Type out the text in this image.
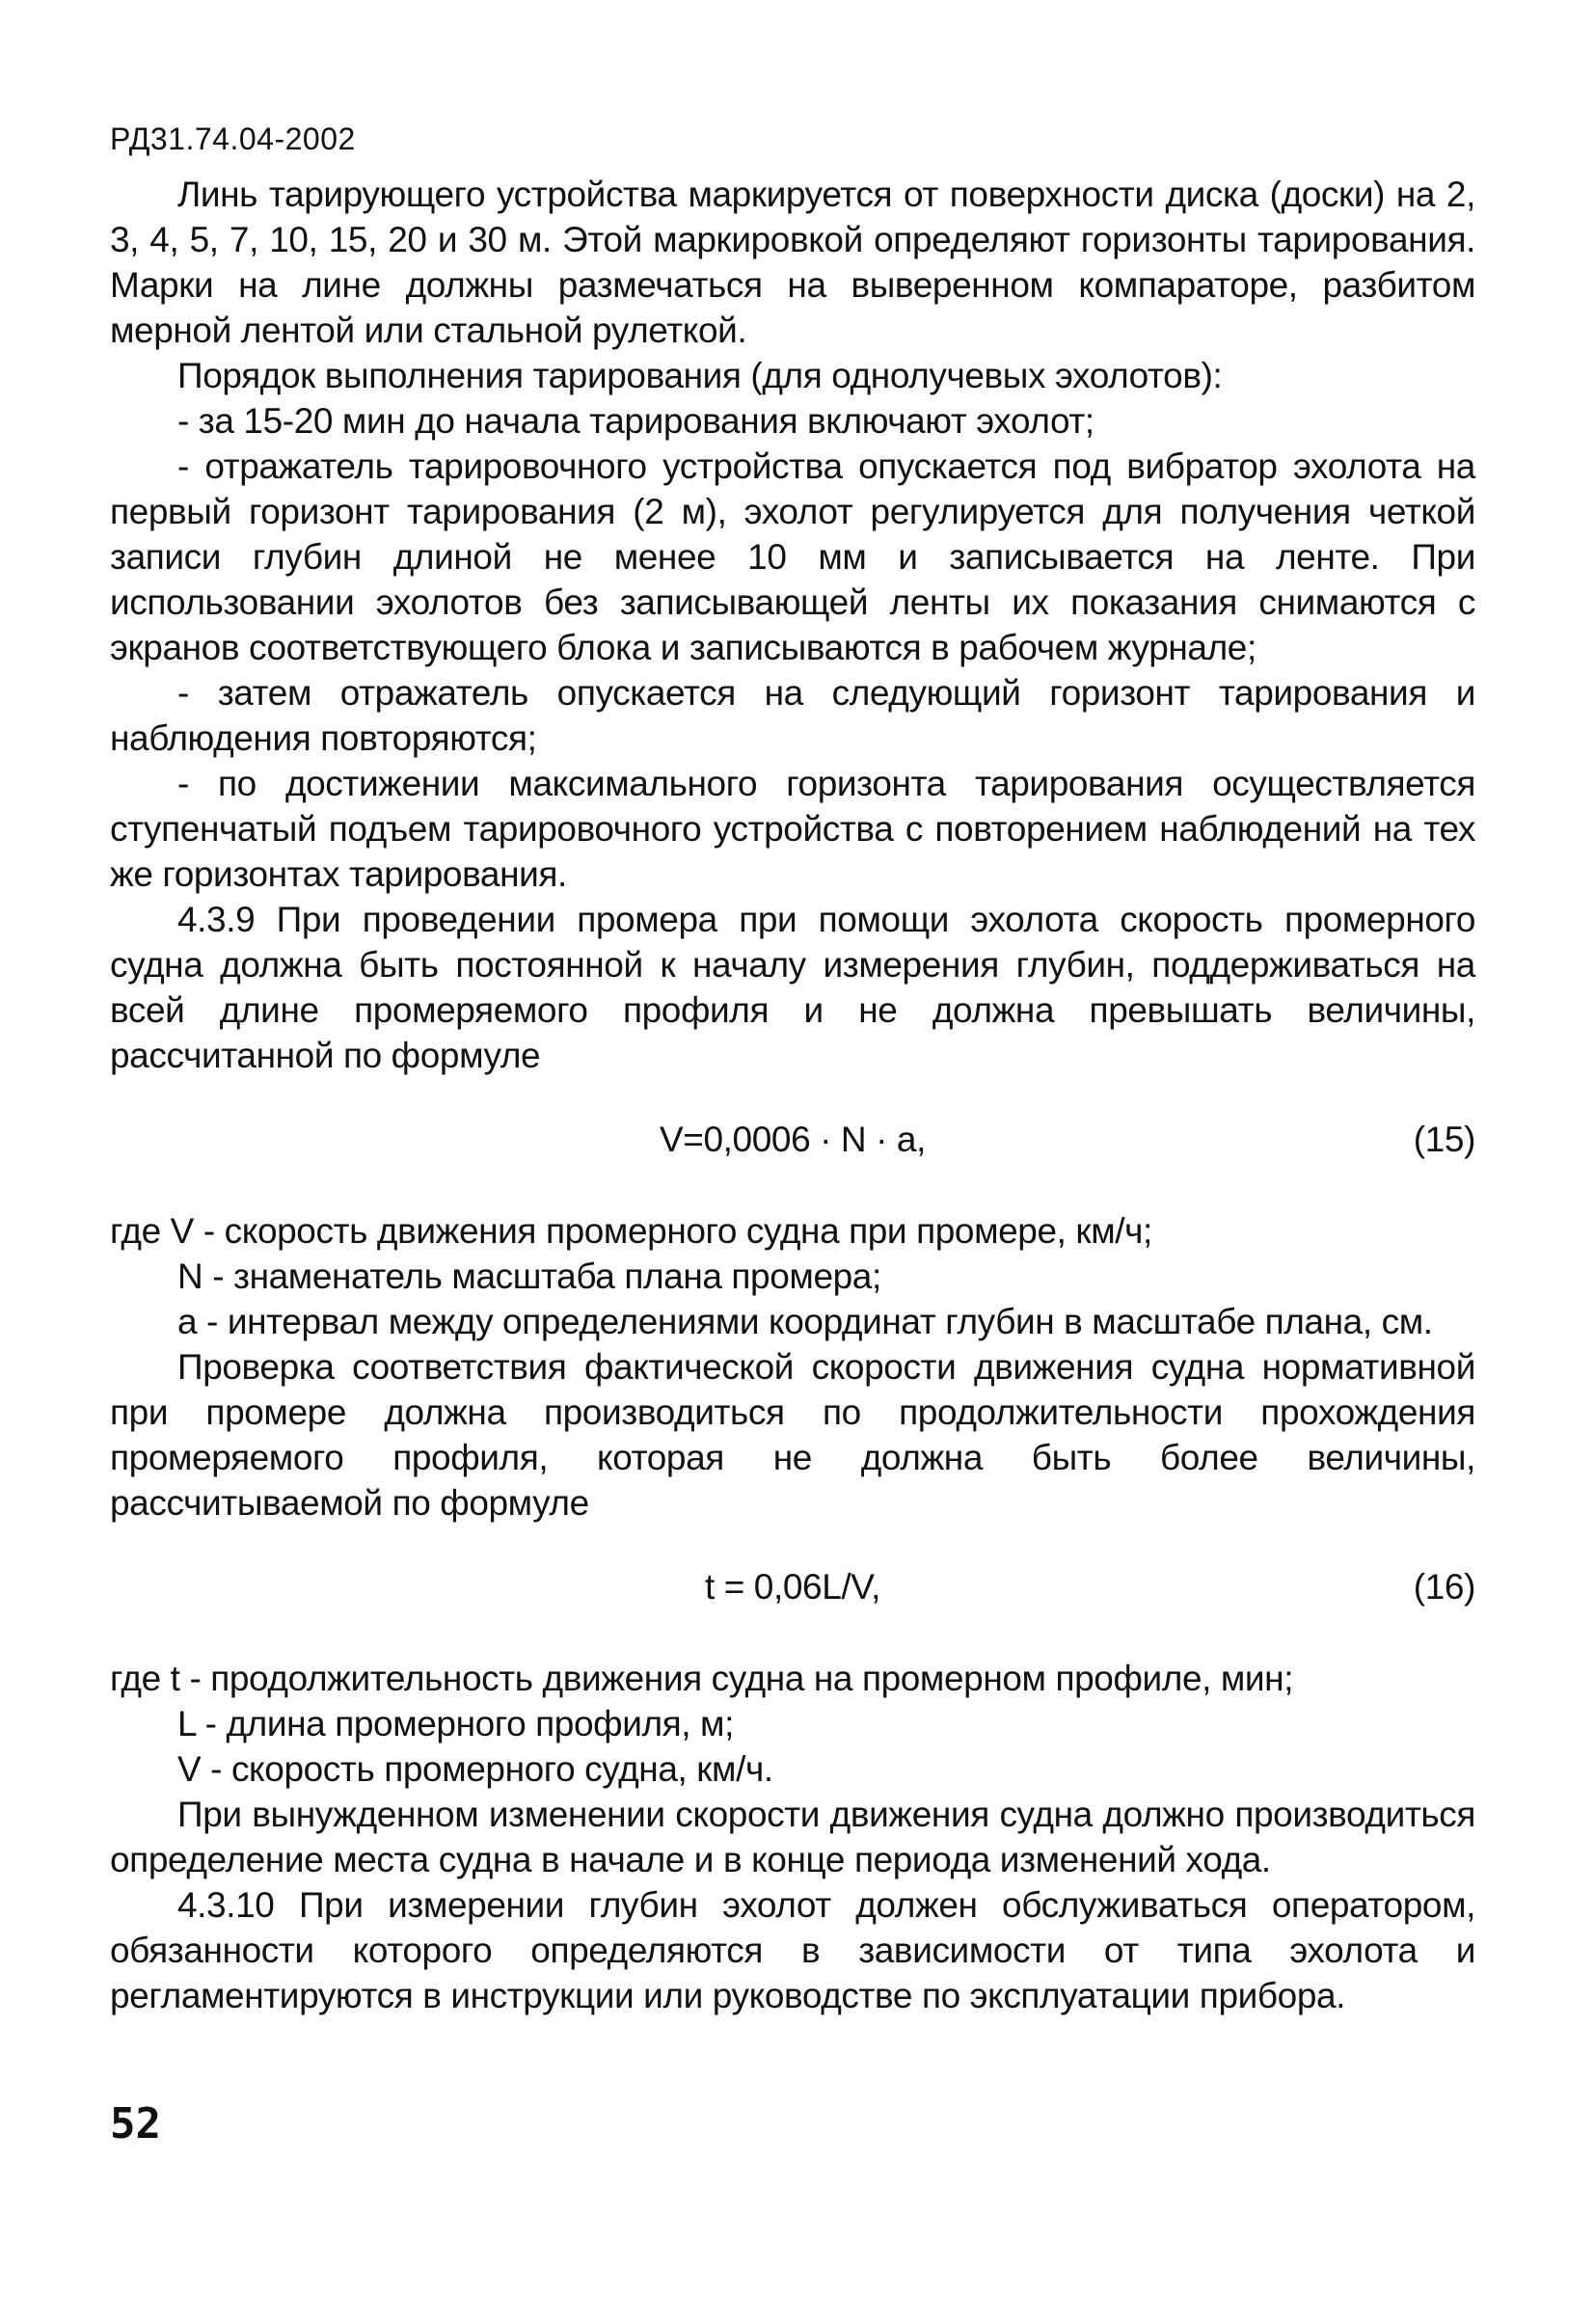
РД31.74.04-2002

Линь тарирующего устройства маркируется от поверхности диска (доски) на 2, 3, 4, 5, 7, 10, 15, 20 и 30 м. Этой маркировкой определяют горизонты тарирования. Марки на лине должны размечаться на выверенном компараторе, разбитом мерной лентой или стальной рулеткой.

Порядок выполнения тарирования (для однолучевых эхолотов):

- за 15-20 мин до начала тарирования включают эхолот;

- отражатель тарировочного устройства опускается под вибратор эхолота на первый горизонт тарирования (2 м), эхолот регулируется для получения четкой записи глубин длиной не менее 10 мм и записывается на ленте. При использовании эхолотов без записывающей ленты их показания снимаются с экранов соответствующего блока и записываются в рабочем журнале;

- затем отражатель опускается на следующий горизонт тарирования и наблюдения повторяются;

- по достижении максимального горизонта тарирования осуществляется ступенчатый подъем тарировочного устройства с повторением наблюдений на тех же горизонтах тарирования.

4.3.9 При проведении промера при помощи эхолота скорость промерного судна должна быть постоянной к началу измерения глубин, поддерживаться на всей длине промеряемого профиля и не должна превышать величины, рассчитанной по формуле

V=0,0006 · N · a,	(15)

где V - скорость движения промерного судна при промере, км/ч;

N - знаменатель масштаба плана промера;

а - интервал между определениями координат глубин в масштабе плана, см.

Проверка соответствия фактической скорости движения судна нормативной при промере должна производиться по продолжительности прохождения промеряемого профиля, которая не должна быть более величины, рассчитываемой по формуле

t = 0,06L/V,	(16)

где t - продолжительность движения судна на промерном профиле, мин;

L - длина промерного профиля, м;

V - скорость промерного судна, км/ч.

При вынужденном изменении скорости движения судна должно производиться определение места судна в начале и в конце периода изменений хода.

4.3.10 При измерении глубин эхолот должен обслуживаться оператором, обязанности которого определяются в зависимости от типа эхолота и регламентируются в инструкции или руководстве по эксплуатации прибора.

52
